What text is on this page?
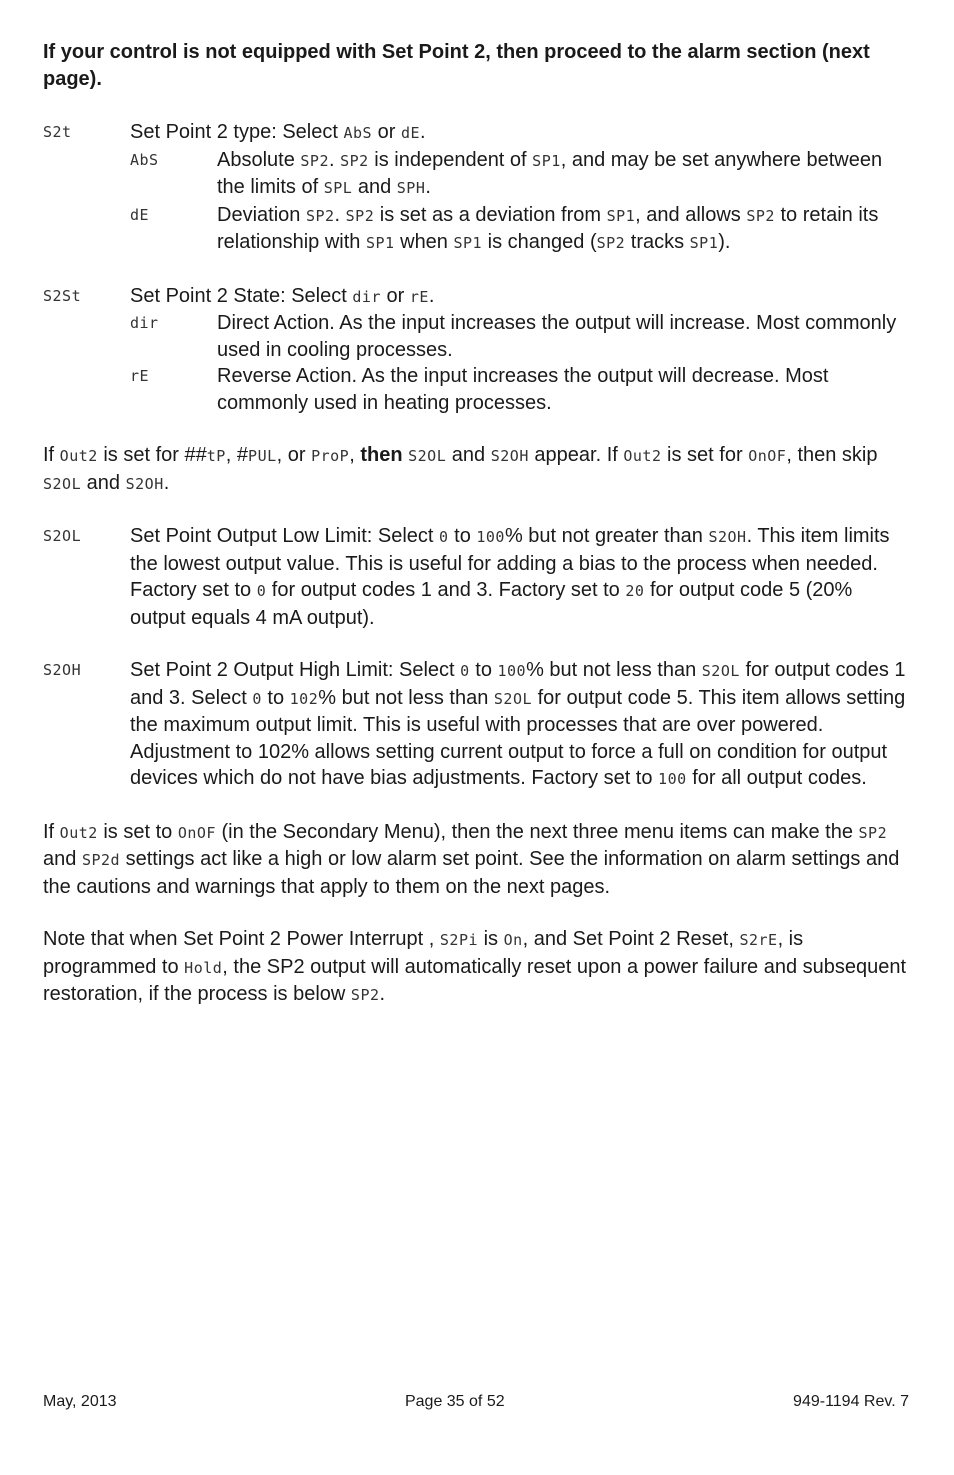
If your control is not equipped with Set Point 2, then proceed to the alarm section (next page).

S2t	Set Point 2 type: Select AbS or dE.

AbS	Absolute SP2. SP2 is independent of SP1, and may be set anywhere between the limits of SPL and SPH.

dE	Deviation SP2. SP2 is set as a deviation from SP1, and allows SP2 to retain its relationship with SP1 when SP1 is changed (SP2 tracks SP1).

S2St	Set Point 2 State: Select dir or rE.

dir	Direct Action. As the input increases the output will increase. Most commonly used in cooling processes.

rE	Reverse Action. As the input increases the output will decrease. Most commonly used in heating processes.

If Out2 is set for ##tP, #PUL, or ProP, then S2OL and S2OH appear. If Out2 is set for OnOF, then skip S2OL and S2OH.

S2OL	Set Point Output Low Limit: Select 0 to 100% but not greater than S2OH. This item limits the lowest output value. This is useful for adding a bias to the process when needed. Factory set to 0 for output codes 1 and 3. Factory set to 20 for output code 5 (20% output equals 4 mA output).

S2OH	Set Point 2 Output High Limit: Select 0 to 100% but not less than S2OL for output codes 1 and 3. Select 0 to 102% but not less than S2OL for output code 5. This item allows setting the maximum output limit. This is useful with processes that are over powered. Adjustment to 102% allows setting current output to force a full on condition for output devices which do not have bias adjustments. Factory set to 100 for all output codes.

If Out2 is set to OnOF (in the Secondary Menu), then the next three menu items can make the SP2 and SP2d settings act like a high or low alarm set point. See the information on alarm settings and the cautions and warnings that apply to them on the next pages.

Note that when Set Point 2 Power Interrupt , S2Pi is On, and Set Point 2 Reset, S2rE, is programmed to Hold, the SP2 output will automatically reset upon a power failure and subsequent restoration, if the process is below SP2.

May, 2013	Page 35 of 52	949-1194 Rev. 7
